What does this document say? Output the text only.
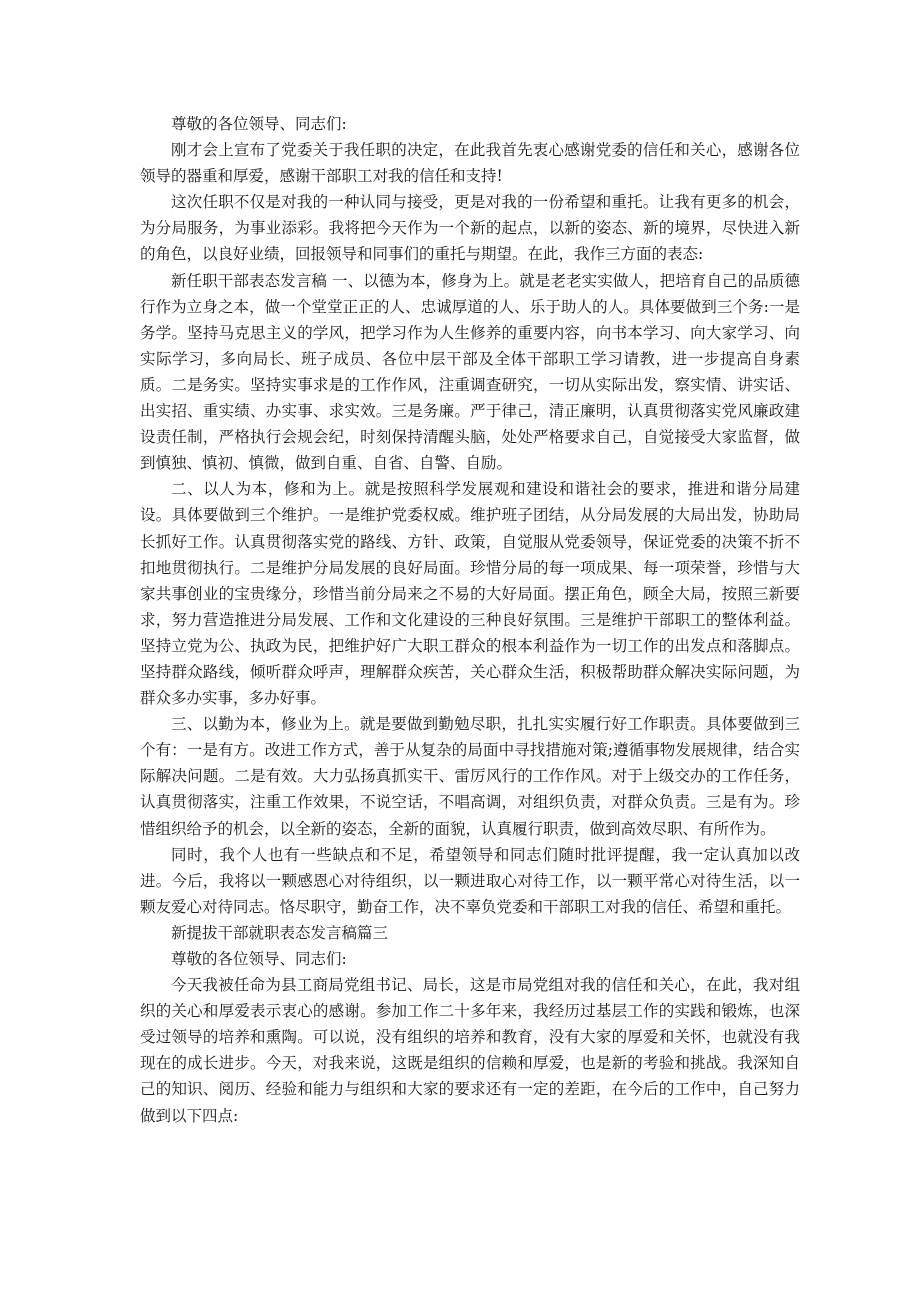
尊敬的各位领导、同志们:

刚才会上宣布了党委关于我任职的决定，在此我首先衷心感谢党委的信任和关心，感谢各位领导的器重和厚爱，感谢干部职工对我的信任和支持!

这次任职不仅是对我的一种认同与接受，更是对我的一份希望和重托。让我有更多的机会，为分局服务，为事业添彩。我将把今天作为一个新的起点，以新的姿态、新的境界，尽快进入新的角色，以良好业绩，回报领导和同事们的重托与期望。在此，我作三方面的表态:

新任职干部表态发言稿 一、以德为本，修身为上。就是老老实实做人，把培育自己的品质德行作为立身之本，做一个堂堂正正的人、忠诚厚道的人、乐于助人的人。具体要做到三个务:一是务学。坚持马克思主义的学风，把学习作为人生修养的重要内容，向书本学习、向大家学习、向实际学习，多向局长、班子成员、各位中层干部及全体干部职工学习请教，进一步提高自身素质。二是务实。坚持实事求是的工作作风，注重调查研究，一切从实际出发，察实情、讲实话、出实招、重实绩、办实事、求实效。三是务廉。严于律己，清正廉明，认真贯彻落实党风廉政建设责任制，严格执行会规会纪，时刻保持清醒头脑，处处严格要求自己，自觉接受大家监督，做到慎独、慎初、慎微，做到自重、自省、自警、自励。

二、以人为本，修和为上。就是按照科学发展观和建设和谐社会的要求，推进和谐分局建设。具体要做到三个维护。一是维护党委权威。维护班子团结，从分局发展的大局出发，协助局长抓好工作。认真贯彻落实党的路线、方针、政策，自觉服从党委领导，保证党委的决策不折不扣地贯彻执行。二是维护分局发展的良好局面。珍惜分局的每一项成果、每一项荣誉，珍惜与大家共事创业的宝贵缘分，珍惜当前分局来之不易的大好局面。摆正角色，顾全大局，按照三新要求，努力营造推进分局发展、工作和文化建设的三种良好氛围。三是维护干部职工的整体利益。坚持立党为公、执政为民，把维护好广大职工群众的根本利益作为一切工作的出发点和落脚点。坚持群众路线，倾听群众呼声，理解群众疾苦，关心群众生活，积极帮助群众解决实际问题，为群众多办实事，多办好事。

三、以勤为本，修业为上。就是要做到勤勉尽职，扎扎实实履行好工作职责。具体要做到三个有：一是有方。改进工作方式，善于从复杂的局面中寻找措施对策;遵循事物发展规律，结合实际解决问题。二是有效。大力弘扬真抓实干、雷厉风行的工作作风。对于上级交办的工作任务，认真贯彻落实，注重工作效果，不说空话，不唱高调，对组织负责，对群众负责。三是有为。珍惜组织给予的机会，以全新的姿态，全新的面貌，认真履行职责，做到高效尽职、有所作为。

同时，我个人也有一些缺点和不足，希望领导和同志们随时批评提醒，我一定认真加以改进。今后，我将以一颗感恩心对待组织，以一颗进取心对待工作，以一颗平常心对待生活，以一颗友爱心对待同志。恪尽职守，勤奋工作，决不辜负党委和干部职工对我的信任、希望和重托。

新提拔干部就职表态发言稿篇三

尊敬的各位领导、同志们:

今天我被任命为县工商局党组书记、局长，这是市局党组对我的信任和关心，在此，我对组织的关心和厚爱表示衷心的感谢。参加工作二十多年来，我经历过基层工作的实践和锻炼，也深受过领导的培养和熏陶。可以说，没有组织的培养和教育，没有大家的厚爱和关怀，也就没有我现在的成长进步。今天，对我来说，这既是组织的信赖和厚爱，也是新的考验和挑战。我深知自己的知识、阅历、经验和能力与组织和大家的要求还有一定的差距，在今后的工作中，自己努力做到以下四点:
